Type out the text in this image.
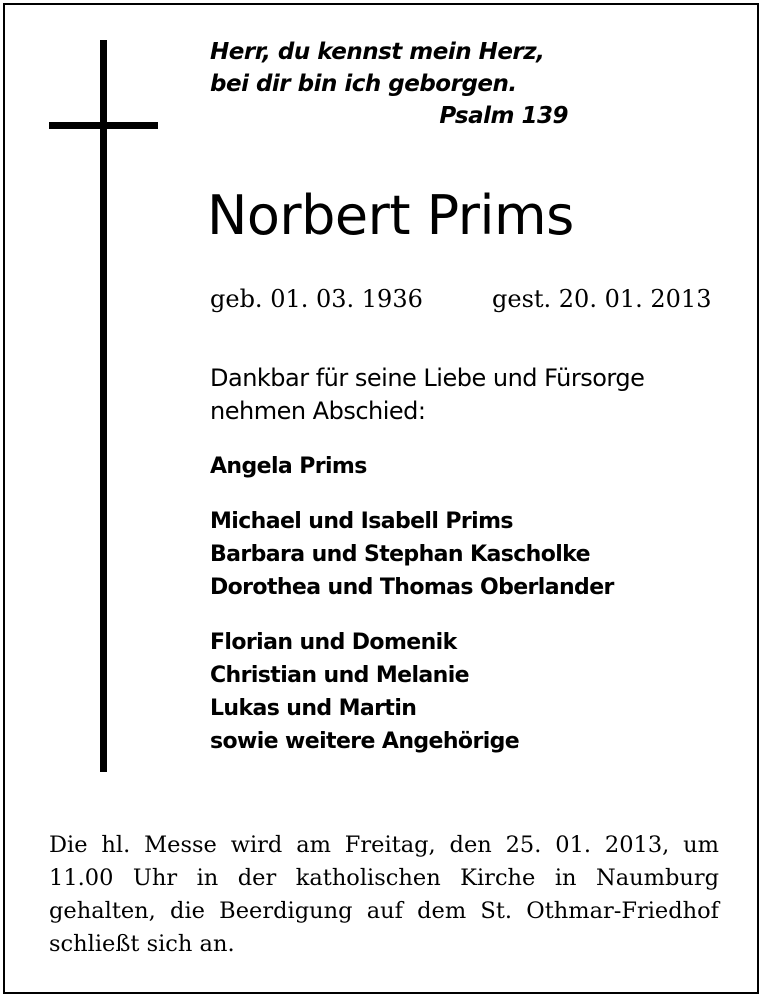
Herr, du kennst mein Herz,
bei dir bin ich geborgen.
Psalm 139
Norbert Prims
geb. 01. 03. 1936	gest. 20. 01. 2013
Dankbar für seine Liebe und Fürsorge
nehmen Abschied:
Angela Prims
Michael und Isabell Prims
Barbara und Stephan Kascholke
Dorothea und Thomas Oberlander
Florian und Domenik
Christian und Melanie
Lukas und Martin
sowie weitere Angehörige
Die hl. Messe wird am Freitag, den 25. 01. 2013, um 11.00 Uhr in der katholischen Kirche in Naumburg gehalten, die Beerdigung auf dem St. Othmar-Friedhof schließt sich an.
